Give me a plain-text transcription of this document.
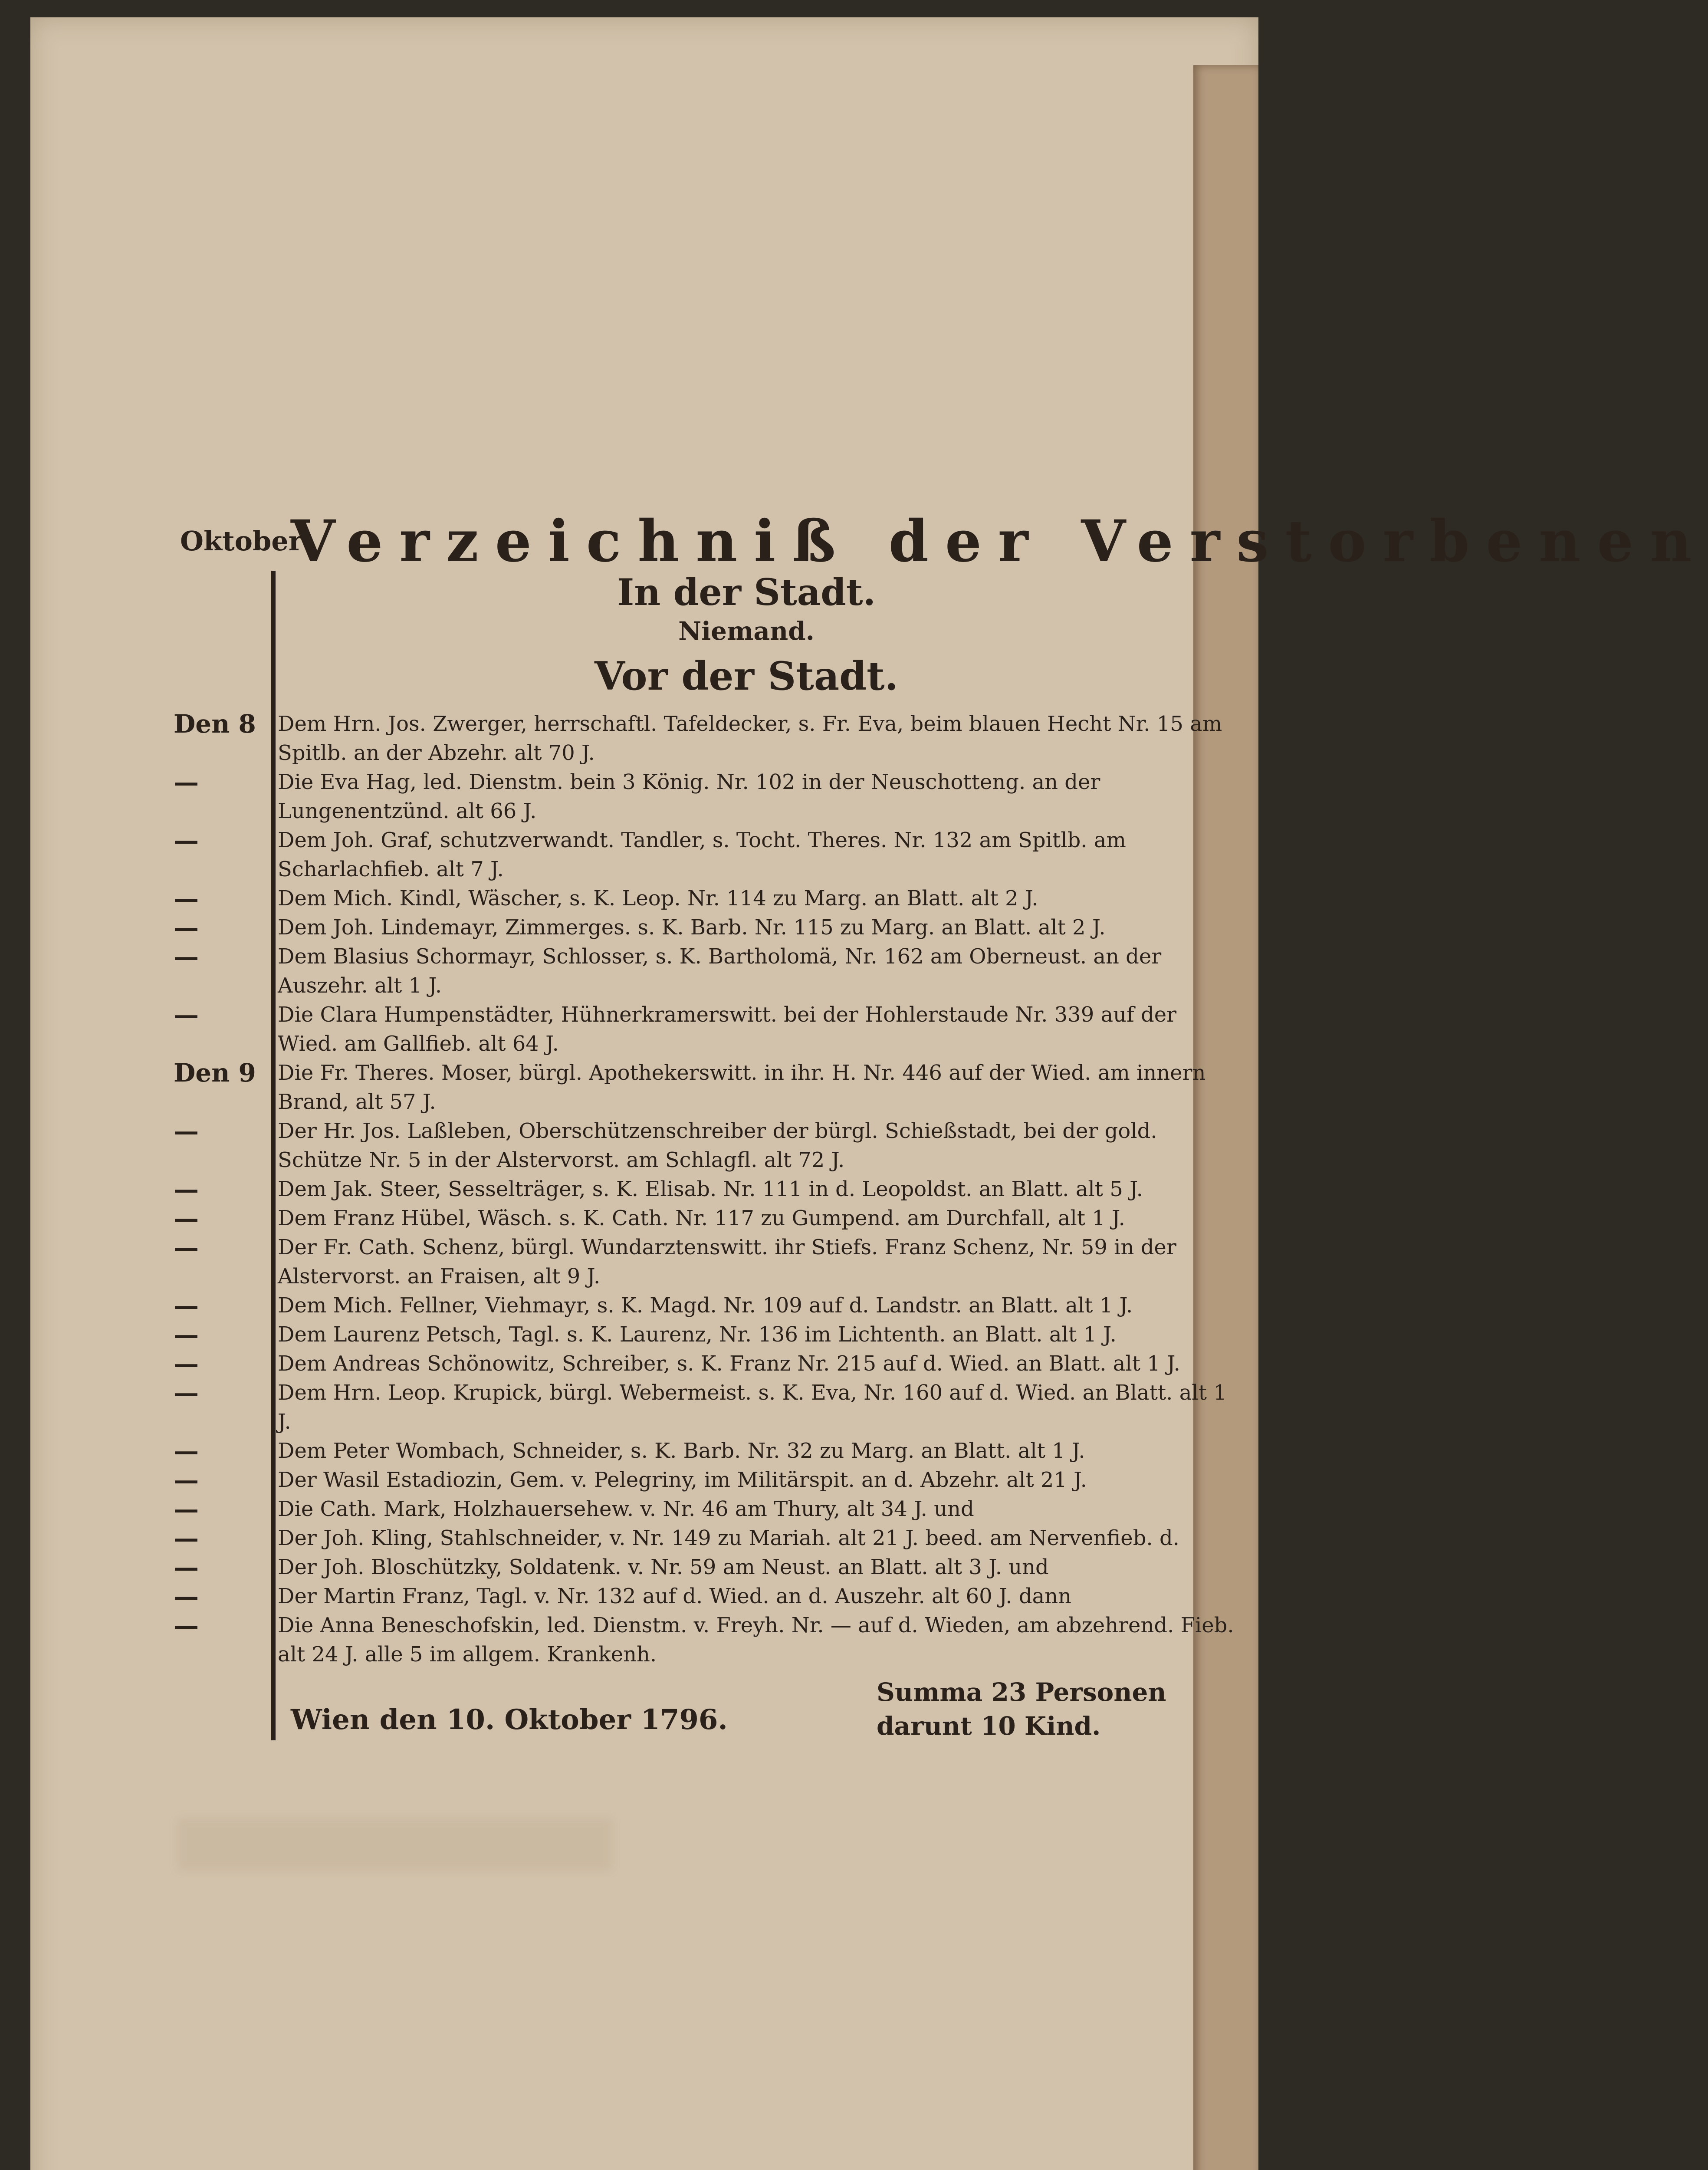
Oktober
Verzeichniß der Verstorbenen
In der Stadt.
Niemand.
Vor der Stadt.
Den 8	Dem Hrn. Jos. Zwerger, herrschaftl. Tafeldecker, s. Fr. Eva, beim blauen Hecht Nr. 15 am Spitlb. an der Abzehr. alt 70 J.
—	Die Eva Hag, led. Dienstm. bein 3 König. Nr. 102 in der Neuschotteng. an der Lungenentzünd. alt 66 J.
—	Dem Joh. Graf, schutzverwandt. Tandler, s. Tocht. Theres. Nr. 132 am Spitlb. am Scharlachfieb. alt 7 J.
—	Dem Mich. Kindl, Wäscher, s. K. Leop. Nr. 114 zu Marg. an Blatt. alt 2 J.
—	Dem Joh. Lindemayr, Zimmerges. s. K. Barb. Nr. 115 zu Marg. an Blatt. alt 2 J.
—	Dem Blasius Schormayr, Schlosser, s. K. Bartholomä, Nr. 162 am Oberneust. an der Auszehr. alt 1 J.
—	Die Clara Humpenstädter, Hühnerkramerswitt. bei der Hohlerstaude Nr. 339 auf der Wied. am Gallfieb. alt 64 J.
Den 9	Die Fr. Theres. Moser, bürgl. Apothekerswitt. in ihr. H. Nr. 446 auf der Wied. am innern Brand, alt 57 J.
—	Der Hr. Jos. Laßleben, Oberschützenschreiber der bürgl. Schießstadt, bei der gold. Schütze Nr. 5 in der Alstervorst. am Schlagfl. alt 72 J.
—	Dem Jak. Steer, Sesselträger, s. K. Elisab. Nr. 111 in d. Leopoldst. an Blatt. alt 5 J.
—	Dem Franz Hübel, Wäsch. s. K. Cath. Nr. 117 zu Gumpend. am Durchfall, alt 1 J.
—	Der Fr. Cath. Schenz, bürgl. Wundarztenswitt. ihr Stiefs. Franz Schenz, Nr. 59 in der Alstervorst. an Fraisen, alt 9 J.
—	Dem Mich. Fellner, Viehmayr, s. K. Magd. Nr. 109 auf d. Landstr. an Blatt. alt 1 J.
—	Dem Laurenz Petsch, Tagl. s. K. Laurenz, Nr. 136 im Lichtenth. an Blatt. alt 1 J.
—	Dem Andreas Schönowitz, Schreiber, s. K. Franz Nr. 215 auf d. Wied. an Blatt. alt 1 J.
—	Dem Hrn. Leop. Krupick, bürgl. Webermeist. s. K. Eva, Nr. 160 auf d. Wied. an Blatt. alt 1 J.
—	Dem Peter Wombach, Schneider, s. K. Barb. Nr. 32 zu Marg. an Blatt. alt 1 J.
—	Der Wasil Estadiozin, Gem. v. Pelegriny, im Militärspit. an d. Abzehr. alt 21 J.
—	Die Cath. Mark, Holzhauersehew. v. Nr. 46 am Thury, alt 34 J. und
—	Der Joh. Kling, Stahlschneider, v. Nr. 149 zu Mariah. alt 21 J. beed. am Nervenfieb. d.
—	Der Joh. Bloschützky, Soldatenk. v. Nr. 59 am Neust. an Blatt. alt 3 J. und
—	Der Martin Franz, Tagl. v. Nr. 132 auf d. Wied. an d. Auszehr. alt 60 J. dann
—	Die Anna Beneschofskin, led. Dienstm. v. Freyh. Nr. — auf d. Wieden, am abzehrend. Fieb. alt 24 J. alle 5 im allgem. Krankenh.
Wien den 10. Oktober 1796.
Summa 23 Personen
darunt 10 Kind.
